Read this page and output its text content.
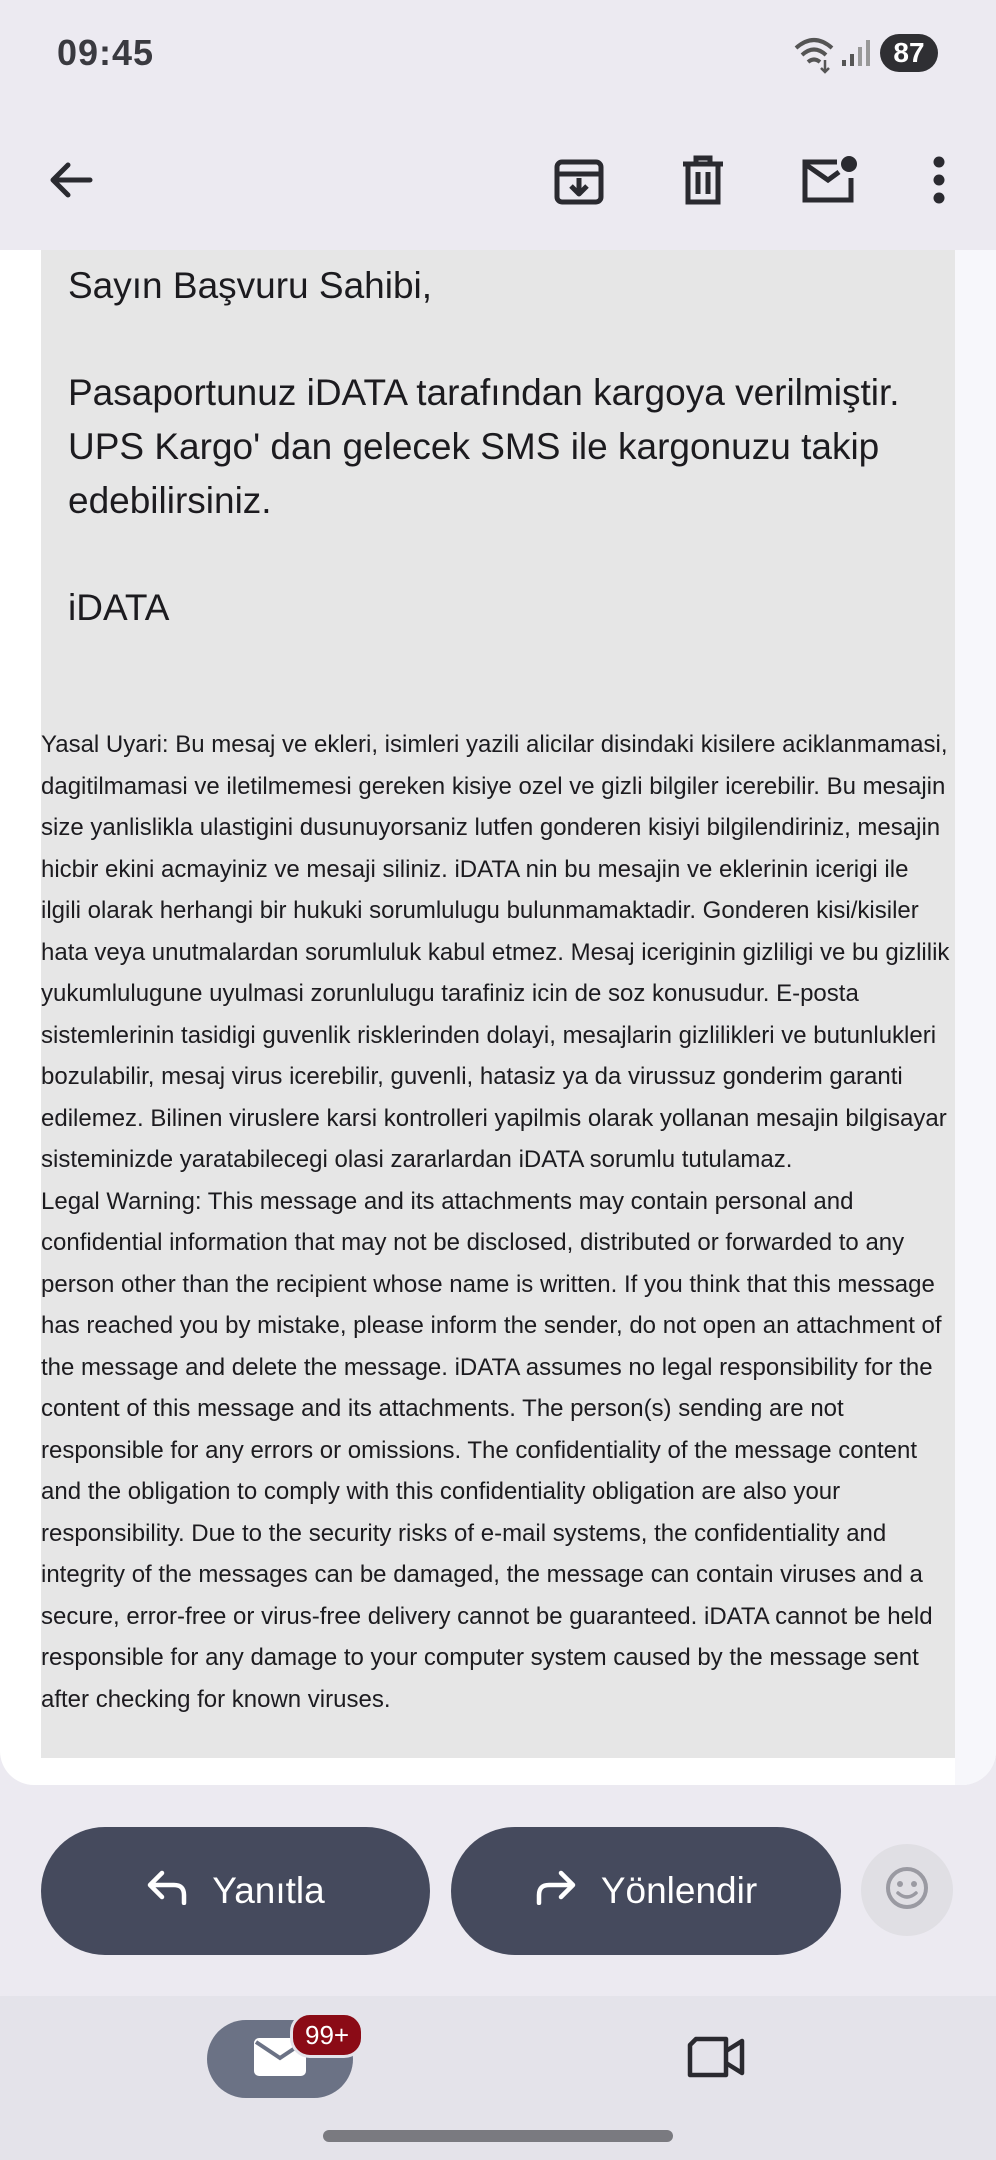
09:45	87
Sayın Başvuru Sahibi,
Pasaportunuz iDATA tarafından kargoya verilmiştir. UPS Kargo' dan gelecek SMS ile kargonuzu takip edebilirsiniz.
iDATA

Yasal Uyari: Bu mesaj ve ekleri, isimleri yazili alicilar disindaki kisilere aciklanmamasi, dagitilmamasi ve iletilmemesi gereken kisiye ozel ve gizli bilgiler icerebilir. Bu mesajin size yanlislikla ulastigini dusunuyorsaniz lutfen gonderen kisiyi bilgilendiriniz, mesajin hicbir ekini acmayiniz ve mesaji siliniz. iDATA nin bu mesajin ve eklerinin icerigi ile ilgili olarak herhangi bir hukuki sorumlulugu bulunmamaktadir. Gonderen kisi/kisiler hata veya unutmalardan sorumluluk kabul etmez. Mesaj iceriginin gizliligi ve bu gizlilik yukumlulugune uyulmasi zorunlulugu tarafiniz icin de soz konusudur. E-posta sistemlerinin tasidigi guvenlik risklerinden dolayi, mesajlarin gizlilikleri ve butunlukleri bozulabilir, mesaj virus icerebilir, guvenli, hatasiz ya da virussuz gonderim garanti edilemez. Bilinen viruslere karsi kontrolleri yapilmis olarak yollanan mesajin bilgisayar sisteminizde yaratabilecegi olasi zararlardan iDATA sorumlu tutulamaz.

Legal Warning: This message and its attachments may contain personal and confidential information that may not be disclosed, distributed or forwarded to any person other than the recipient whose name is written. If you think that this message has reached you by mistake, please inform the sender, do not open an attachment of the message and delete the message. iDATA assumes no legal responsibility for the content of this message and its attachments. The person(s) sending are not responsible for any errors or omissions. The confidentiality of the message content and the obligation to comply with this confidentiality obligation are also your responsibility. Due to the security risks of e-mail systems, the confidentiality and integrity of the messages can be damaged, the message can contain viruses and a secure, error-free or virus-free delivery cannot be guaranteed. iDATA cannot be held responsible for any damage to your computer system caused by the message sent after checking for known viruses.

Yanıtla	Yönlendir
99+
